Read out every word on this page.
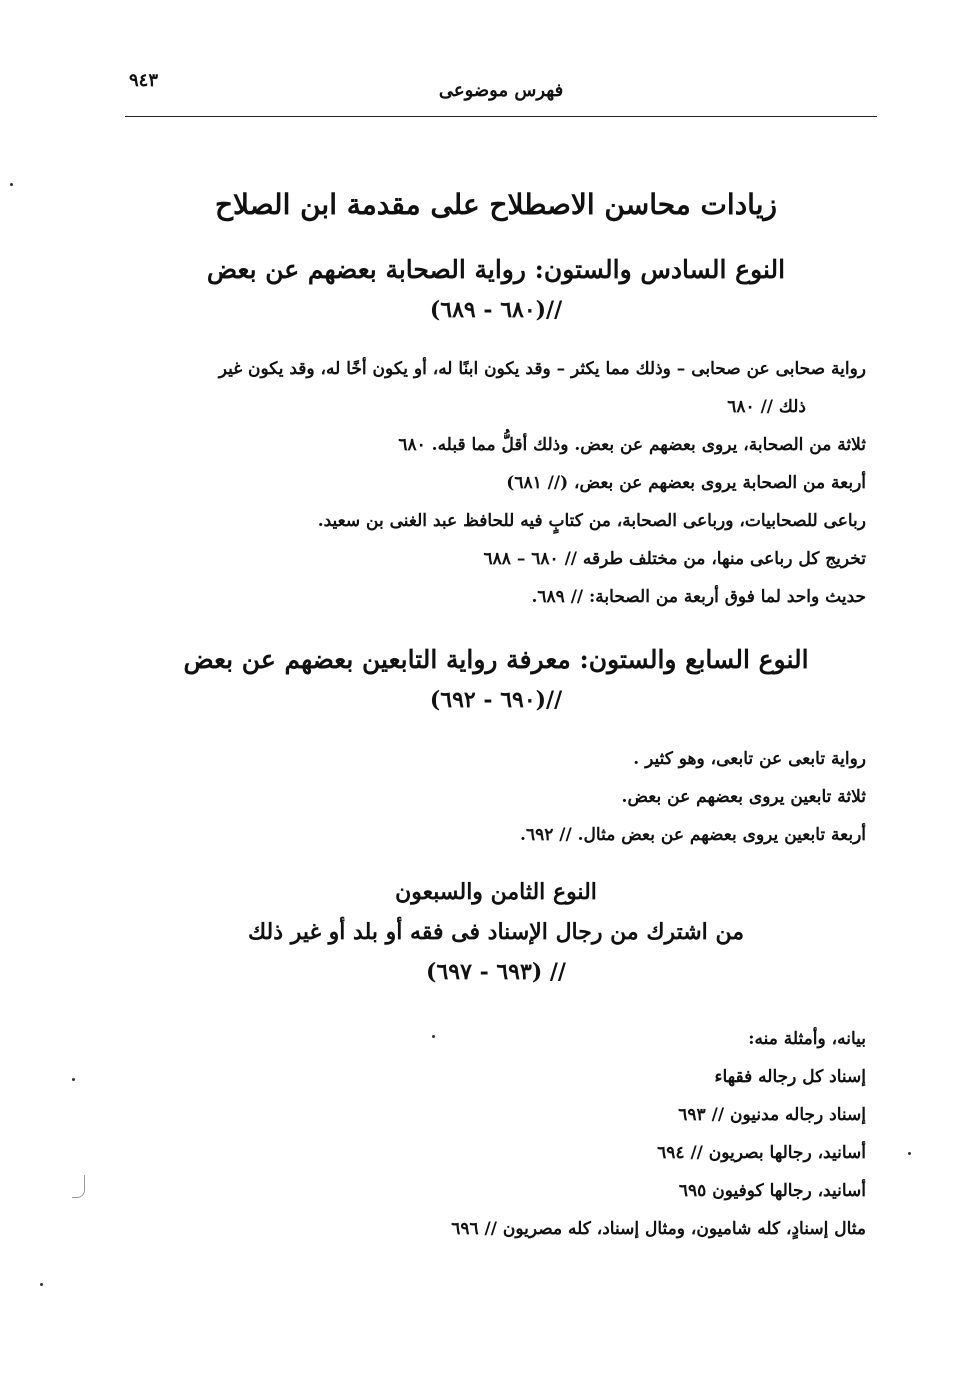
فهرس موضوعى
٩٤٣
زيادات محاسن الاصطلاح على مقدمة ابن الصلاح
النوع السادس والستون: رواية الصحابة بعضهم عن بعض
//(٦٨٠ - ٦٨٩)
رواية صحابى عن صحابى – وذلك مما يكثر – وقد يكون ابنًا له، أو يكون أخًا له، وقد يكون غير
ذلك // ٦٨٠
ثلاثة من الصحابة، يروى بعضهم عن بعض. وذلك أقلُّ مما قبله. ٦٨٠
أربعة من الصحابة يروى بعضهم عن بعض، (// ٦٨١)
رباعى للصحابيات، ورباعى الصحابة، من كتابٍ فيه للحافظ عبد الغنى بن سعيد.
تخريج كل رباعى منها، من مختلف طرقه // ٦٨٠ – ٦٨٨
حديث واحد لما فوق أربعة من الصحابة: // ٦٨٩.
النوع السابع والستون: معرفة رواية التابعين بعضهم عن بعض
//(٦٩٠ - ٦٩٢)
رواية تابعى عن تابعى، وهو كثير .
ثلاثة تابعين يروى بعضهم عن بعض.
أربعة تابعين يروى بعضهم عن بعض مثال. // ٦٩٢.
النوع الثامن والسبعون
من اشترك من رجال الإسناد فى فقه أو بلد أو غير ذلك
// (٦٩٣ - ٦٩٧)
بيانه، وأمثلة منه:
إسناد كل رجاله فقهاء
إسناد رجاله مدنيون // ٦٩٣
أسانيد، رجالها بصريون // ٦٩٤
أسانيد، رجالها كوفيون ٦٩٥
مثال إسنادٍ، كله شاميون، ومثال إسناد، كله مصريون // ٦٩٦
